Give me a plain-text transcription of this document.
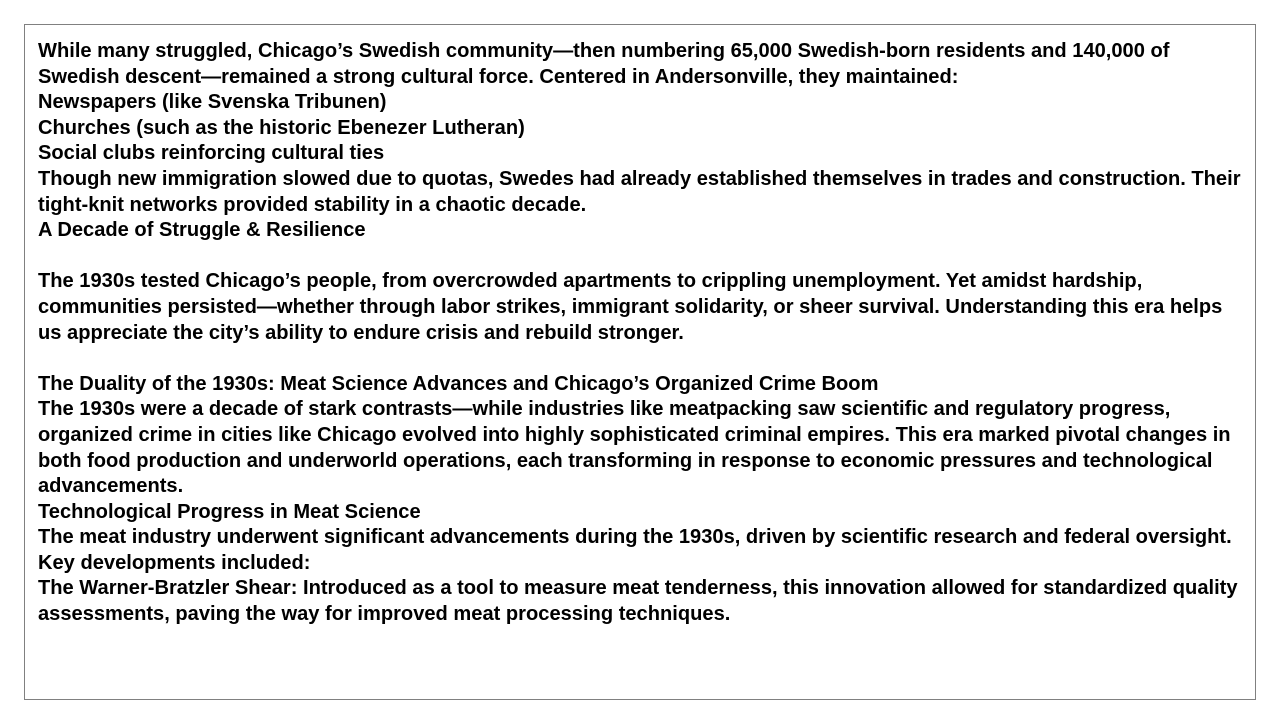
While many struggled, Chicago’s Swedish community—then numbering 65,000 Swedish-born residents and 140,000 of Swedish descent—remained a strong cultural force. Centered in Andersonville, they maintained:

Newspapers (like Svenska Tribunen)

Churches (such as the historic Ebenezer Lutheran)

Social clubs reinforcing cultural ties

Though new immigration slowed due to quotas, Swedes had already established themselves in trades and construction. Their tight-knit networks provided stability in a chaotic decade.

A Decade of Struggle & Resilience

The 1930s tested Chicago’s people, from overcrowded apartments to crippling unemployment. Yet amidst hardship, communities persisted—whether through labor strikes, immigrant solidarity, or sheer survival. Understanding this era helps us appreciate the city’s ability to endure crisis and rebuild stronger.

The Duality of the 1930s: Meat Science Advances and Chicago’s Organized Crime Boom

The 1930s were a decade of stark contrasts—while industries like meatpacking saw scientific and regulatory progress, organized crime in cities like Chicago evolved into highly sophisticated criminal empires. This era marked pivotal changes in both food production and underworld operations, each transforming in response to economic pressures and technological advancements.

Technological Progress in Meat Science

The meat industry underwent significant advancements during the 1930s, driven by scientific research and federal oversight. Key developments included:

The Warner-Bratzler Shear: Introduced as a tool to measure meat tenderness, this innovation allowed for standardized quality assessments, paving the way for improved meat processing techniques.
